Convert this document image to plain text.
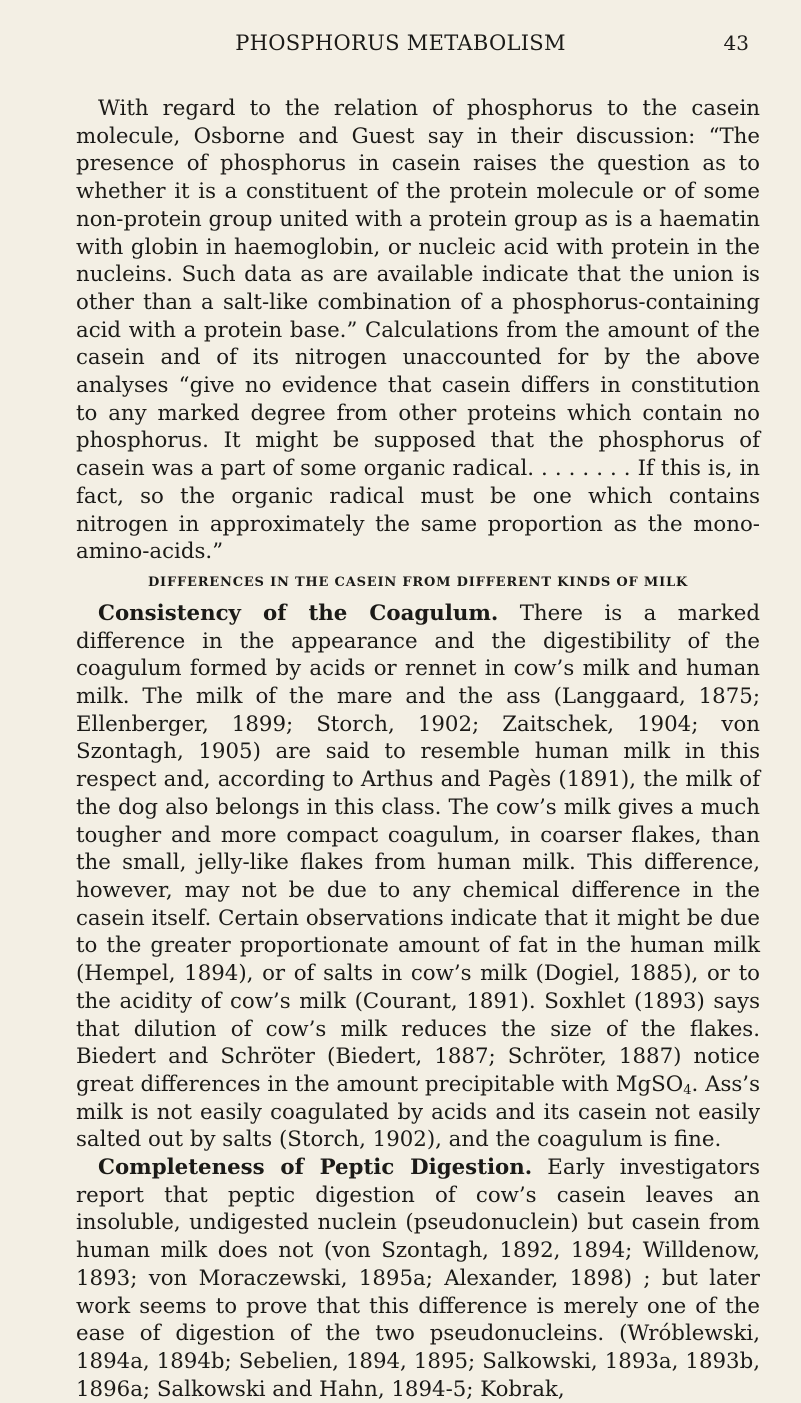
PHOSPHORUS METABOLISM	43

With regard to the relation of phosphorus to the casein molecule, Osborne and Guest say in their discussion: “The presence of phosphorus in casein raises the question as to whether it is a constituent of the protein molecule or of some non-protein group united with a protein group as is a haematin with globin in haemoglobin, or nucleic acid with protein in the nucleins. Such data as are available indicate that the union is other than a salt-like combination of a phosphorus-containing acid with a protein base.” Calculations from the amount of the casein and of its nitrogen unaccounted for by the above analyses “give no evidence that casein differs in constitution to any marked degree from other proteins which contain no phosphorus. It might be supposed that the phosphorus of casein was a part of some organic radical. . . . . . . . If this is, in fact, so the organic radical must be one which contains nitrogen in approximately the same proportion as the mono-amino-acids.”

DIFFERENCES IN THE CASEIN FROM DIFFERENT KINDS OF MILK

Consistency of the Coagulum. There is a marked difference in the appearance and the digestibility of the coagulum formed by acids or rennet in cow’s milk and human milk. The milk of the mare and the ass (Langgaard, 1875; Ellenberger, 1899; Storch, 1902; Zaitschek, 1904; von Szontagh, 1905) are said to resemble human milk in this respect and, according to Arthus and Pagès (1891), the milk of the dog also belongs in this class. The cow’s milk gives a much tougher and more compact coagulum, in coarser flakes, than the small, jelly-like flakes from human milk. This difference, however, may not be due to any chemical difference in the casein itself. Certain observations indicate that it might be due to the greater proportionate amount of fat in the human milk (Hempel, 1894), or of salts in cow’s milk (Dogiel, 1885), or to the acidity of cow’s milk (Courant, 1891). Soxhlet (1893) says that dilution of cow’s milk reduces the size of the flakes. Biedert and Schröter (Biedert, 1887; Schröter, 1887) notice great differences in the amount precipitable with MgSO$_4$. Ass’s milk is not easily coagulated by acids and its casein not easily salted out by salts (Storch, 1902), and the coagulum is fine.

Completeness of Peptic Digestion. Early investigators report that peptic digestion of cow’s casein leaves an insoluble, undigested nuclein (pseudonuclein) but casein from human milk does not (von Szontagh, 1892, 1894; Willdenow, 1893; von Moraczewski, 1895a; Alexander, 1898) ; but later work seems to prove that this difference is merely one of the ease of digestion of the two pseudonucleins. (Wróblewski, 1894a, 1894b; Sebelien, 1894, 1895; Salkowski, 1893a, 1893b, 1896a; Salkowski and Hahn, 1894-5; Kobrak,
